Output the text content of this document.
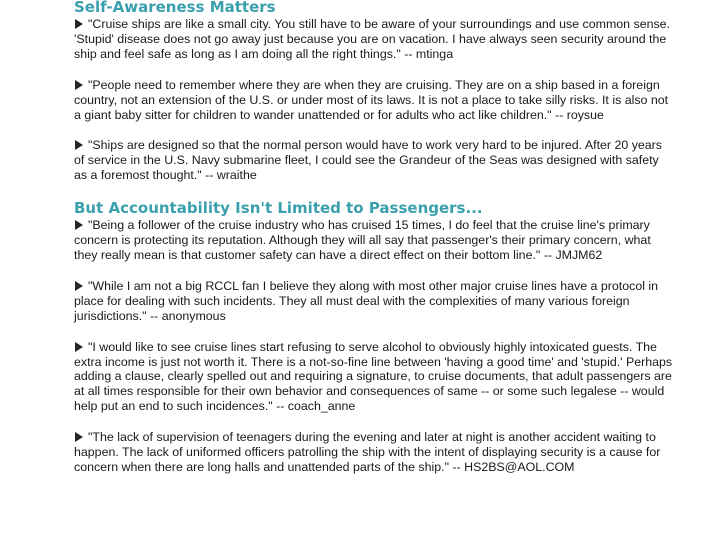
Self-Awareness Matters
"Cruise ships are like a small city. You still have to be aware of your surroundings and use common sense. 'Stupid' disease does not go away just because you are on vacation. I have always seen security around the ship and feel safe as long as I am doing all the right things." -- mtinga
"People need to remember where they are when they are cruising. They are on a ship based in a foreign country, not an extension of the U.S. or under most of its laws. It is not a place to take silly risks. It is also not a giant baby sitter for children to wander unattended or for adults who act like children." -- roysue
"Ships are designed so that the normal person would have to work very hard to be injured. After 20 years of service in the U.S. Navy submarine fleet, I could see the Grandeur of the Seas was designed with safety as a foremost thought." -- wraithe
But Accountability Isn't Limited to Passengers...
"Being a follower of the cruise industry who has cruised 15 times, I do feel that the cruise line's primary concern is protecting its reputation. Although they will all say that passenger's their primary concern, what they really mean is that customer safety can have a direct effect on their bottom line." -- JMJM62
"While I am not a big RCCL fan I believe they along with most other major cruise lines have a protocol in place for dealing with such incidents. They all must deal with the complexities of many various foreign jurisdictions." -- anonymous
"I would like to see cruise lines start refusing to serve alcohol to obviously highly intoxicated guests. The extra income is just not worth it. There is a not-so-fine line between 'having a good time' and 'stupid.' Perhaps adding a clause, clearly spelled out and requiring a signature, to cruise documents, that adult passengers are at all times responsible for their own behavior and consequences of same -- or some such legalese -- would help put an end to such incidences." -- coach_anne
"The lack of supervision of teenagers during the evening and later at night is another accident waiting to happen. The lack of uniformed officers patrolling the ship with the intent of displaying security is a cause for concern when there are long halls and unattended parts of the ship." -- HS2BS@AOL.COM
